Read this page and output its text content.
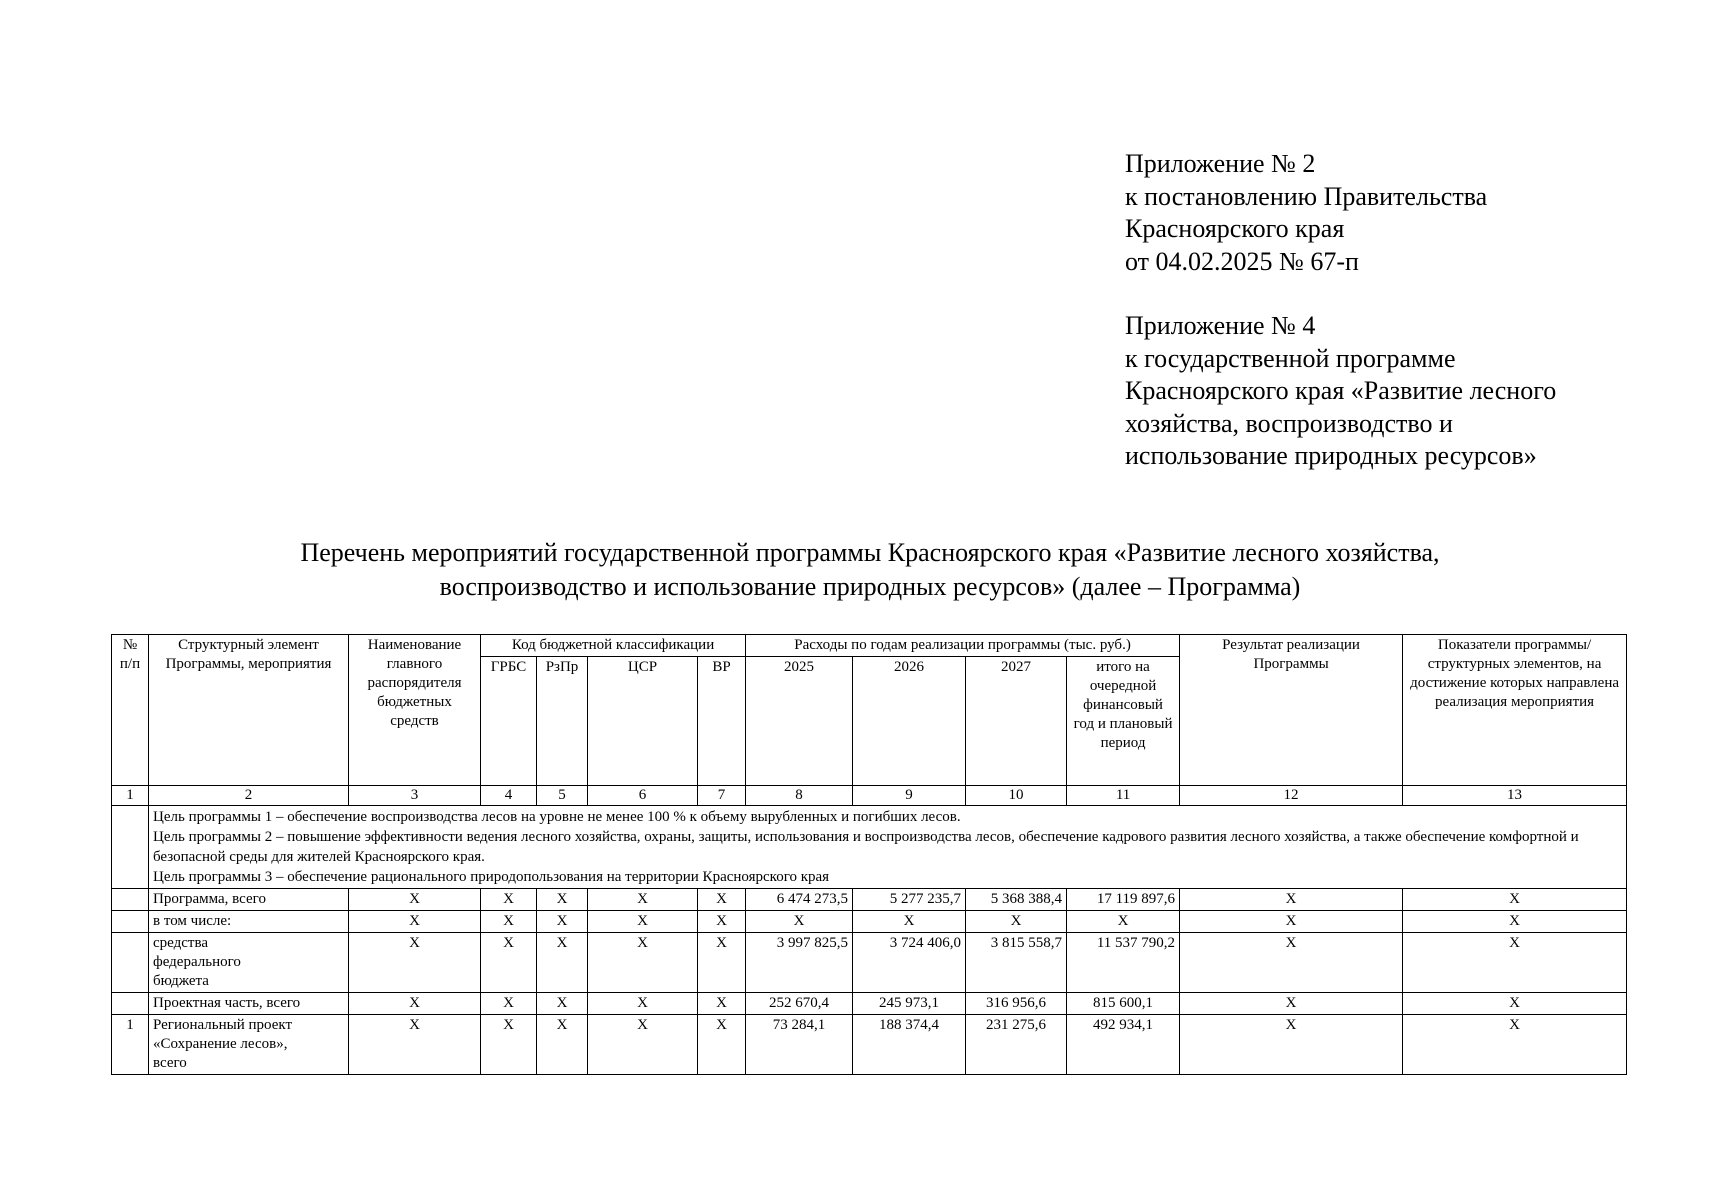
Приложение № 2
к постановлению Правительства
Красноярского края
от 04.02.2025 № 67-п
Приложение № 4
к государственной программе
Красноярского края «Развитие лесного
хозяйства, воспроизводство и
использование природных ресурсов»
Перечень мероприятий государственной программы Красноярского края «Развитие лесного хозяйства,
воспроизводство и использование природных ресурсов» (далее – Программа)
№ п/п	Структурный элемент Программы, мероприятия	Наименование главного распорядителя бюджетных средств	Код бюджетной классификации				Расходы по годам реализации программы (тыс. руб.)				Результат реализации Программы	Показатели программы/ структурных элементов, на достижение которых направлена реализация мероприятия
			ГРБС	РзПр	ЦСР	ВР	2025	2026	2027	итого на очередной финансовый год и плановый период		
1	2	3	4	5	6	7	8	9	10	11	12	13

	Цель программы 1 – обеспечение воспроизводства лесов на уровне не менее 100 % к объему вырубленных и погибших лесов.
Цель программы 2 – повышение эффективности ведения лесного хозяйства, охраны, защиты, использования и воспроизводства лесов, обеспечение кадрового развития лесного хозяйства, а также обеспечение комфортной и безопасной среды для жителей Красноярского края.
Цель программы 3 – обеспечение рационального природопользования на территории Красноярского края											

	Программа, всего	X	X	X	X	X	6 474 273,5	5 277 235,7	5 368 388,4	17 119 897,6	X	X
	в том числе:	X	X	X	X	X	X	X	X	X	X	X
	средства федерального бюджета	X	X	X	X	X	3 997 825,5	3 724 406,0	3 815 558,7	11 537 790,2	X	X
	Проектная часть, всего	X	X	X	X	X	252 670,4	245 973,1	316 956,6	815 600,1	X	X
1	Региональный проект «Сохранение лесов», всего	X	X	X	X	X	73 284,1	188 374,4	231 275,6	492 934,1	X	X
